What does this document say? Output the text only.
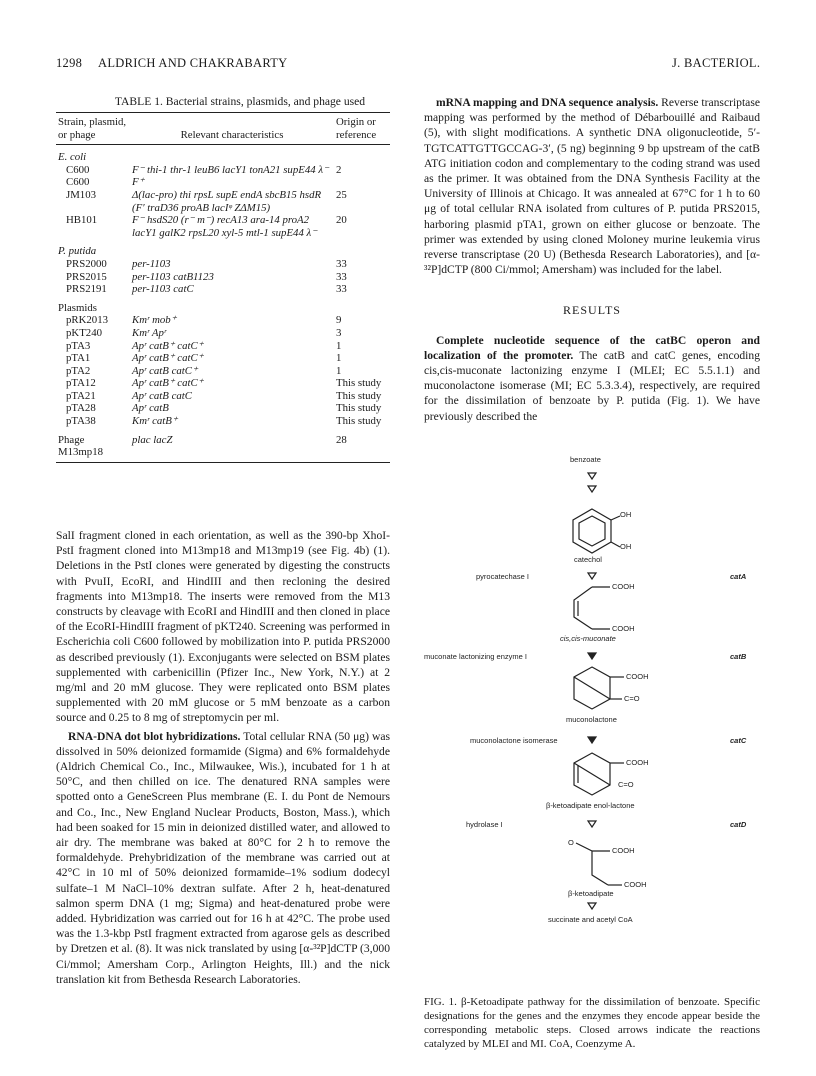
1298 ALDRICH AND CHAKRABARTY	J. BACTERIOL.
TABLE 1. Bacterial strains, plasmids, and phage used
Strain, plasmid, or phage	Relevant characteristics	Origin or reference
E. coli		
C600	F⁻ thi-1 thr-1 leuB6 lacY1 tonA21 supE44 λ⁻	2
C600	F⁺	
JM103	Δ(lac-pro) thi rpsL supE endA sbcB15 hsdR (F′ traD36 proAB lacIᵠ ZΔM15)	25
HB101	F⁻ hsdS20 (r⁻ m⁻) recA13 ara-14 proA2 lacY1 galK2 rpsL20 xyl-5 mtl-1 supE44 λ⁻	20
P. putida		
PRS2000	per-1103	33
PRS2015	per-1103 catB1123	33
PRS2191	per-1103 catC	33
Plasmids		
pRK2013	Kmʳ mob⁺	9
pKT240	Kmʳ Apʳ	3
pTA3	Apʳ catB⁺ catC⁺	1
pTA1	Apʳ catB⁺ catC⁺	1
pTA2	Apʳ catB catC⁺	1
pTA12	Apʳ catB⁺ catC⁺	This study
pTA21	Apʳ catB catC	This study
pTA28	Apʳ catB	This study
pTA38	Kmʳ catB⁺	This study
Phage M13mp18	plac lacZ	28

SalI fragment cloned in each orientation, as well as the 390-bp XhoI-PstI fragment cloned into M13mp18 and M13mp19 (see Fig. 4b) (1). Deletions in the PstI clones were generated by digesting the constructs with PvuII, EcoRI, and HindIII and then recloning the desired fragments into M13mp18. The inserts were removed from the M13 constructs by cleavage with EcoRI and HindIII and then cloned in place of the EcoRI-HindIII fragment of pKT240. Screening was performed in Escherichia coli C600 followed by mobilization into P. putida PRS2000 as described previously (1). Exconjugants were selected on BSM plates supplemented with carbenicillin (Pfizer Inc., New York, N.Y.) at 2 mg/ml and 20 mM glucose. They were replicated onto BSM plates supplemented with 20 mM glucose or 5 mM benzoate as a carbon source and 0.25 to 8 mg of streptomycin per ml.

RNA-DNA dot blot hybridizations. Total cellular RNA (50 μg) was dissolved in 50% deionized formamide (Sigma) and 6% formaldehyde (Aldrich Chemical Co., Inc., Milwaukee, Wis.), incubated for 1 h at 50°C, and then chilled on ice. The denatured RNA samples were spotted onto a GeneScreen Plus membrane (E. I. du Pont de Nemours and Co., Inc., New England Nuclear Products, Boston, Mass.), which had been soaked for 15 min in deionized distilled water, and allowed to air dry. The membrane was baked at 80°C for 2 h to remove the formaldehyde. Prehybridization of the membrane was carried out at 42°C in 10 ml of 50% deionized formamide–1% sodium dodecyl sulfate–1 M NaCl–10% dextran sulfate. After 2 h, heat-denatured salmon sperm DNA (1 mg; Sigma) and heat-denatured probe were added. Hybridization was carried out for 16 h at 42°C. The probe used was the 1.3-kbp PstI fragment extracted from agarose gels as described by Dretzen et al. (8). It was nick translated by using [α-³²P]dCTP (3,000 Ci/mmol; Amersham Corp., Arlington Heights, Ill.) and the nick translation kit from Bethesda Research Laboratories.

mRNA mapping and DNA sequence analysis. Reverse transcriptase mapping was performed by the method of Débarbouillé and Raibaud (5), with slight modifications. A synthetic DNA oligonucleotide, 5′-TGTCATTGTTGCCAG-3′, (5 ng) beginning 9 bp upstream of the catB ATG initiation codon and complementary to the coding strand was used as the primer. It was obtained from the DNA Synthesis Facility at the University of Illinois at Chicago. It was annealed at 67°C for 1 h to 60 μg of total cellular RNA isolated from cultures of P. putida PRS2015, harboring plasmid pTA1, grown on either glucose or benzoate. The primer was extended by using cloned Moloney murine leukemia virus reverse transcriptase (20 U) (Bethesda Research Laboratories), and [α-³²P]dCTP (800 Ci/mmol; Amersham) was included for the label.

RESULTS

Complete nucleotide sequence of the catBC operon and localization of the promoter. The catB and catC genes, encoding cis,cis-muconate lactonizing enzyme I (MLEI; EC 5.5.1.1) and muconolactone isomerase (MI; EC 5.3.3.4), respectively, are required for the dissimilation of benzoate by P. putida (Fig. 1). We have previously described the

benzoate
catechol
cis,cis-muconate
muconolactone
β-ketoadipate enol-lactone
β-ketoadipate
succinate and acetyl CoA
OH
OH
COOH
COOH
COOH
C=O
COOH
C=O
O
COOH
COOH
pyrocatechase I
muconate lactonizing enzyme I
muconolactone isomerase
hydrolase I
catA
catB
catC
catD
FIG. 1. β-Ketoadipate pathway for the dissimilation of benzoate. Specific designations for the genes and the enzymes they encode appear beside the corresponding metabolic steps. Closed arrows indicate the reactions catalyzed by MLEI and MI. CoA, Coenzyme A.
